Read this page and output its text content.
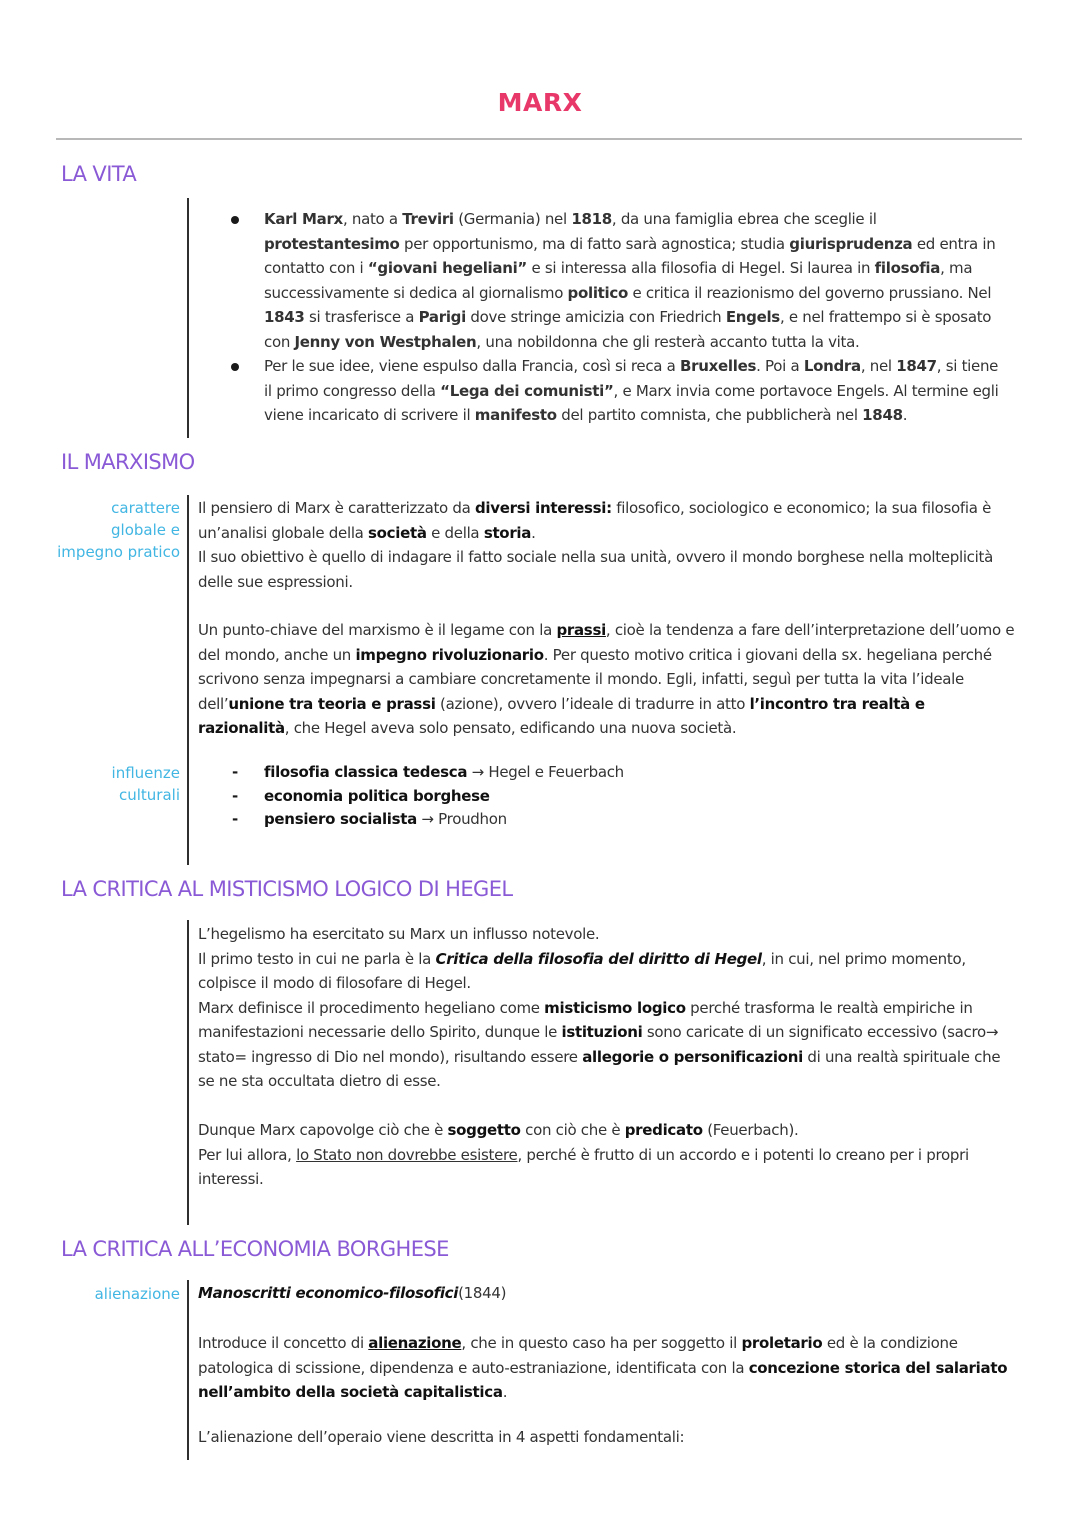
MARX
LA VITA
Karl Marx, nato a Treviri (Germania) nel 1818, da una famiglia ebrea che sceglie il protestantesimo per opportunismo, ma di fatto sarà agnostica; studia giurisprudenza ed entra in contatto con i “giovani hegeliani” e si interessa alla filosofia di Hegel. Si laurea in filosofia, ma successivamente si dedica al giornalismo politico e critica il reazionismo del governo prussiano. Nel 1843 si trasferisce a Parigi dove stringe amicizia con Friedrich Engels, e nel frattempo si è sposato con Jenny von Westphalen, una nobildonna che gli resterà accanto tutta la vita.
Per le sue idee, viene espulso dalla Francia, così si reca a Bruxelles. Poi a Londra, nel 1847, si tiene il primo congresso della “Lega dei comunisti”, e Marx invia come portavoce Engels. Al termine egli viene incaricato di scrivere il manifesto del partito comnista, che pubblicherà nel 1848.
IL MARXISMO
carattere
globale e
impegno pratico
Il pensiero di Marx è caratterizzato da diversi interessi: filosofico, sociologico e economico; la sua filosofia è un’analisi globale della società e della storia.
Il suo obiettivo è quello di indagare il fatto sociale nella sua unità, ovvero il mondo borghese nella molteplicità delle sue espressioni.
Un punto-chiave del marxismo è il legame con la prassi, cioè la tendenza a fare dell’interpretazione dell’uomo e del mondo, anche un impegno rivoluzionario. Per questo motivo critica i giovani della sx. hegeliana perché scrivono senza impegnarsi a cambiare concretamente il mondo. Egli, infatti, seguì per tutta la vita l’ideale dell’unione tra teoria e prassi (azione), ovvero l’ideale di tradurre in atto l’incontro tra realtà e razionalità, che Hegel aveva solo pensato, edificando una nuova società.
influenze
culturali
- filosofia classica tedesca → Hegel e Feuerbach
- economia politica borghese
- pensiero socialista → Proudhon
LA CRITICA AL MISTICISMO LOGICO DI HEGEL
L’hegelismo ha esercitato su Marx un influsso notevole.
Il primo testo in cui ne parla è la Critica della filosofia del diritto di Hegel, in cui, nel primo momento, colpisce il modo di filosofare di Hegel.
Marx definisce il procedimento hegeliano come misticismo logico perché trasforma le realtà empiriche in manifestazioni necessarie dello Spirito, dunque le istituzioni sono caricate di un significato eccessivo (sacro→ stato= ingresso di Dio nel mondo), risultando essere allegorie o personificazioni di una realtà spirituale che se ne sta occultata dietro di esse.
Dunque Marx capovolge ciò che è soggetto con ciò che è predicato (Feuerbach).
Per lui allora, lo Stato non dovrebbe esistere, perché è frutto di un accordo e i potenti lo creano per i propri interessi.
LA CRITICA ALL’ECONOMIA BORGHESE
alienazione Manoscritti economico-filosofici(1844)
Introduce il concetto di alienazione, che in questo caso ha per soggetto il proletario ed è la condizione patologica di scissione, dipendenza e auto-estraniazione, identificata con la concezione storica del salariato nell’ambito della società capitalistica.
L’alienazione dell’operaio viene descritta in 4 aspetti fondamentali:
